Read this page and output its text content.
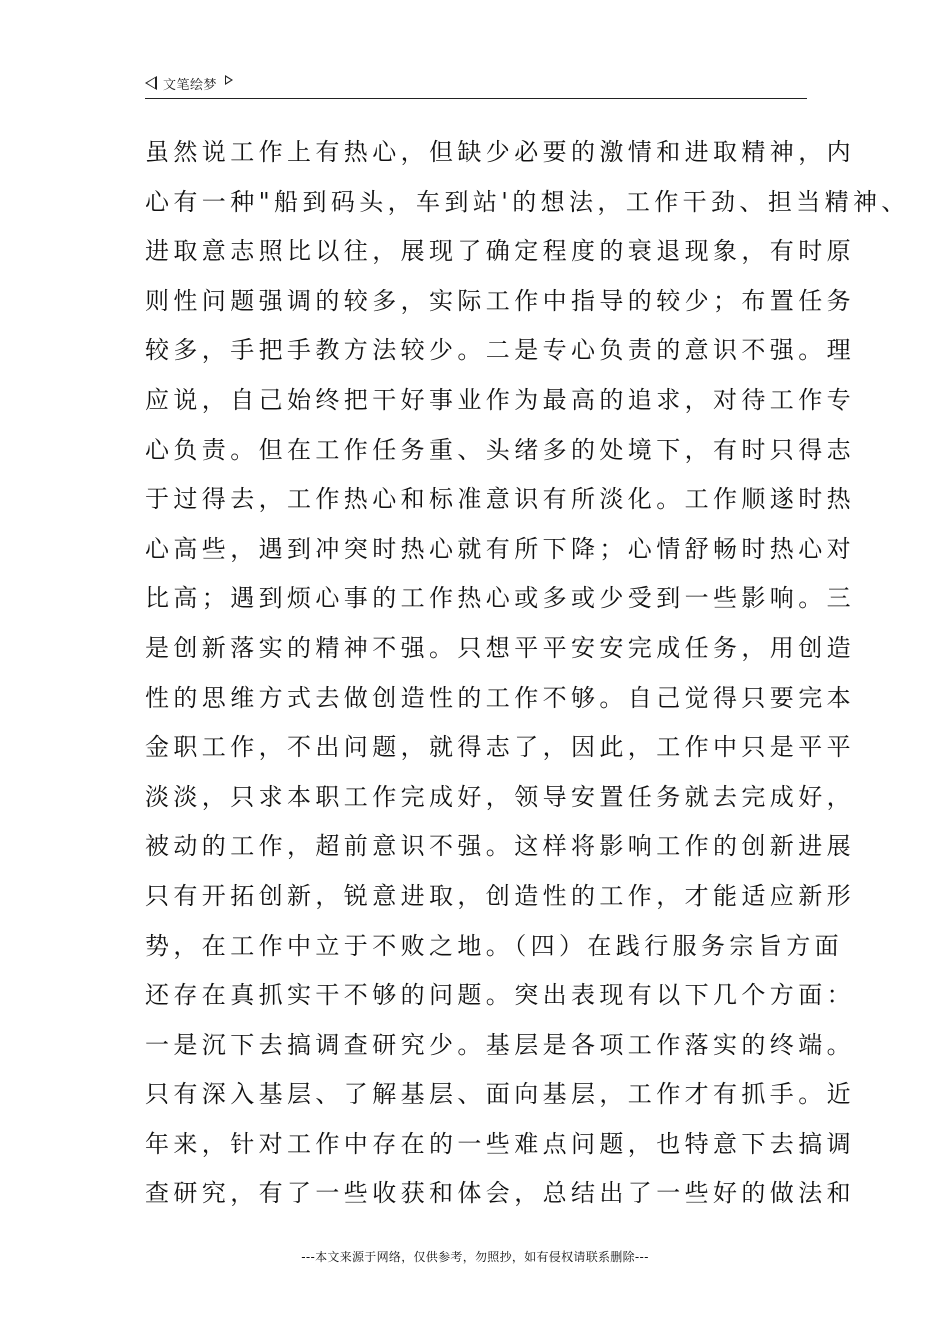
文笔绘梦
虽然说工作上有热心，但缺少必要的激情和进取精神，内
心有一种"船到码头，车到站'的想法，工作干劲、担当精神、
进取意志照比以往，展现了确定程度的衰退现象，有时原
则性问题强调的较多，实际工作中指导的较少；布置任务
较多，手把手教方法较少。二是专心负责的意识不强。理
应说，自己始终把干好事业作为最高的追求，对待工作专
心负责。但在工作任务重、头绪多的处境下，有时只得志
于过得去，工作热心和标准意识有所淡化。工作顺遂时热
心高些，遇到冲突时热心就有所下降；心情舒畅时热心对
比高；遇到烦心事的工作热心或多或少受到一些影响。三
是创新落实的精神不强。只想平平安安完成任务，用创造
性的思维方式去做创造性的工作不够。自己觉得只要完本
金职工作，不出问题，就得志了，因此，工作中只是平平
淡淡，只求本职工作完成好，领导安置任务就去完成好，
被动的工作，超前意识不强。这样将影响工作的创新进展
只有开拓创新，锐意进取，创造性的工作，才能适应新形
势，在工作中立于不败之地。（四）在践行服务宗旨方面
还存在真抓实干不够的问题。突出表现有以下几个方面：
一是沉下去搞调查研究少。基层是各项工作落实的终端。
只有深入基层、了解基层、面向基层，工作才有抓手。近
年来，针对工作中存在的一些难点问题，也特意下去搞调
查研究，有了一些收获和体会，总结出了一些好的做法和
---本文来源于网络，仅供参考，勿照抄，如有侵权请联系删除---
